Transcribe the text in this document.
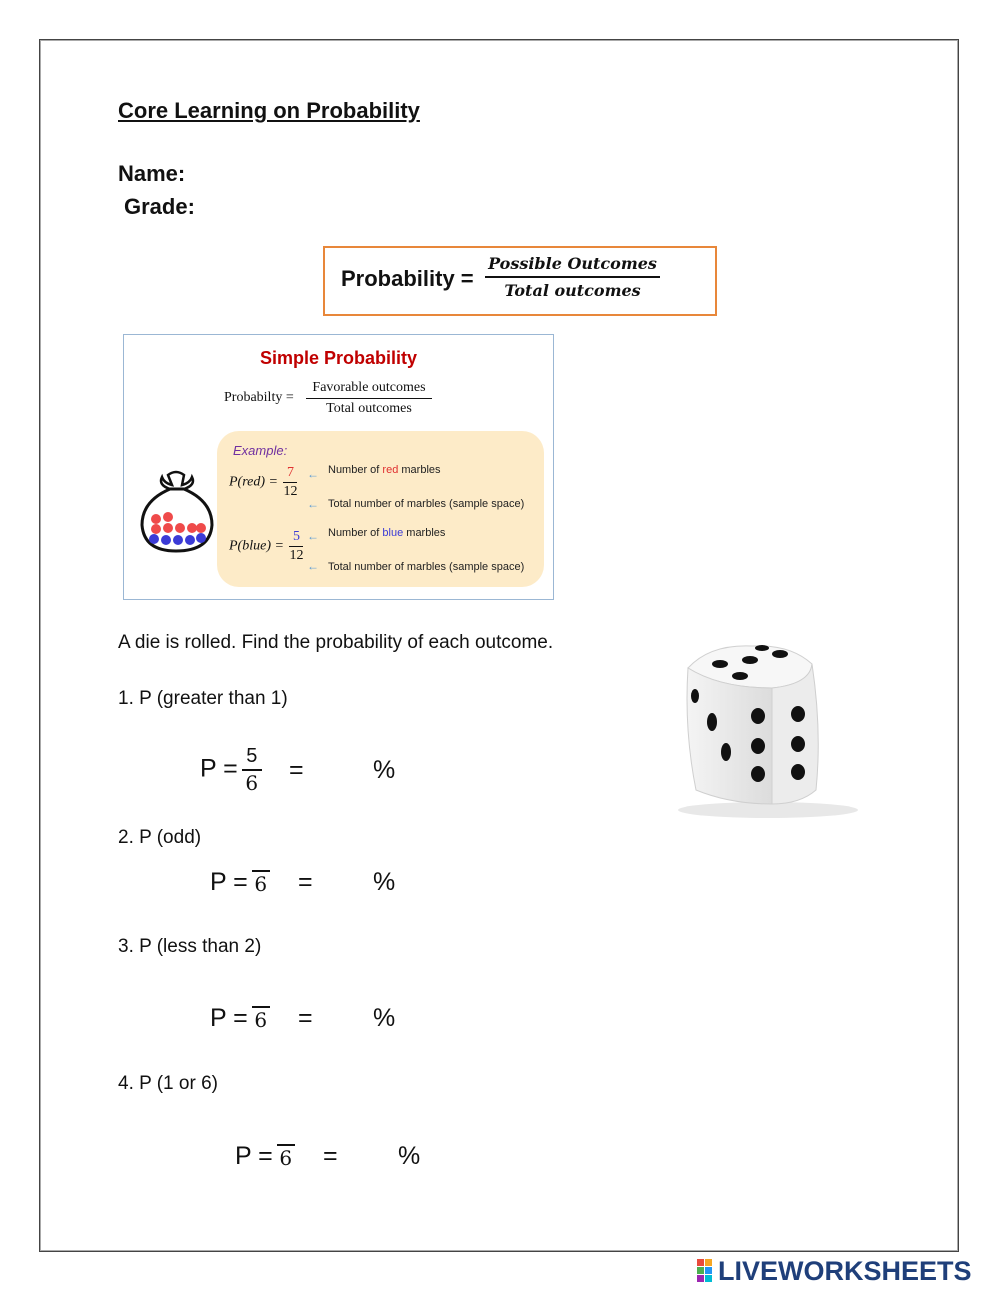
Core Learning on Probability
Name:
Grade:
Probability =
Possible Outcomes
Total outcomes
Simple Probability
Probabilty =
Favorable outcomes
Total outcomes
Example:
$P(red) = \frac{7}{12}$ ← Number of red marbles
← Total number of marbles (sample space)
P(blue) = $\frac{5}{12}$ ← Number of blue marbles
← Total number of marbles (sample space)
A die is rolled. Find the probability of each outcome.
1. P (greater than 1)
$P = \frac{5}{6}$ =	%
2. P (odd)
P = 6 = %
3. P (less than 2)
P = 6 = %
4. P (1 or 6)
P = 6 = %
LIVEWORKSHEETS
